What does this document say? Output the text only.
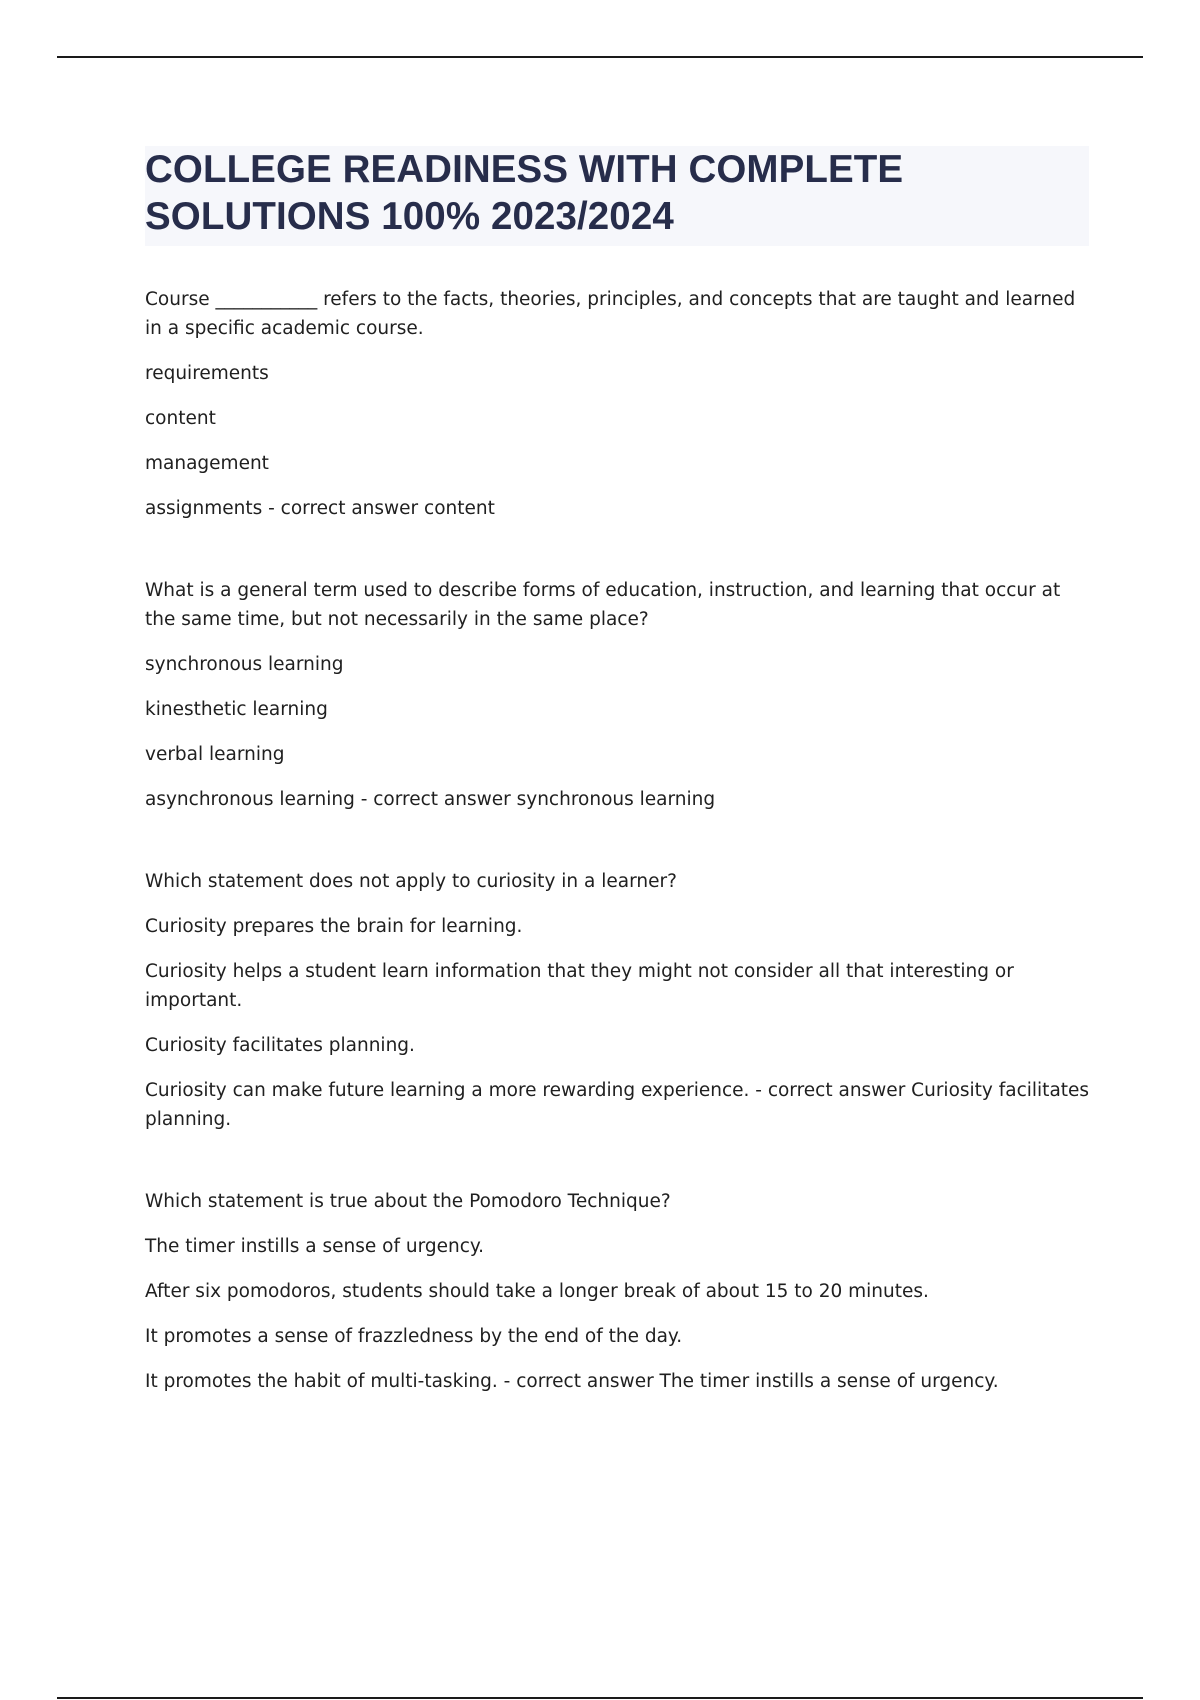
COLLEGE READINESS WITH COMPLETE SOLUTIONS 100% 2023/2024

Course ___________ refers to the facts, theories, principles, and concepts that are taught and learned in a specific academic course.

requirements

content

management

assignments - correct answer content

What is a general term used to describe forms of education, instruction, and learning that occur at the same time, but not necessarily in the same place?

synchronous learning

kinesthetic learning

verbal learning

asynchronous learning - correct answer synchronous learning

Which statement does not apply to curiosity in a learner?

Curiosity prepares the brain for learning.

Curiosity helps a student learn information that they might not consider all that interesting or important.

Curiosity facilitates planning.

Curiosity can make future learning a more rewarding experience. - correct answer Curiosity facilitates planning.

Which statement is true about the Pomodoro Technique?

The timer instills a sense of urgency.

After six pomodoros, students should take a longer break of about 15 to 20 minutes.

It promotes a sense of frazzledness by the end of the day.

It promotes the habit of multi-tasking. - correct answer The timer instills a sense of urgency.
